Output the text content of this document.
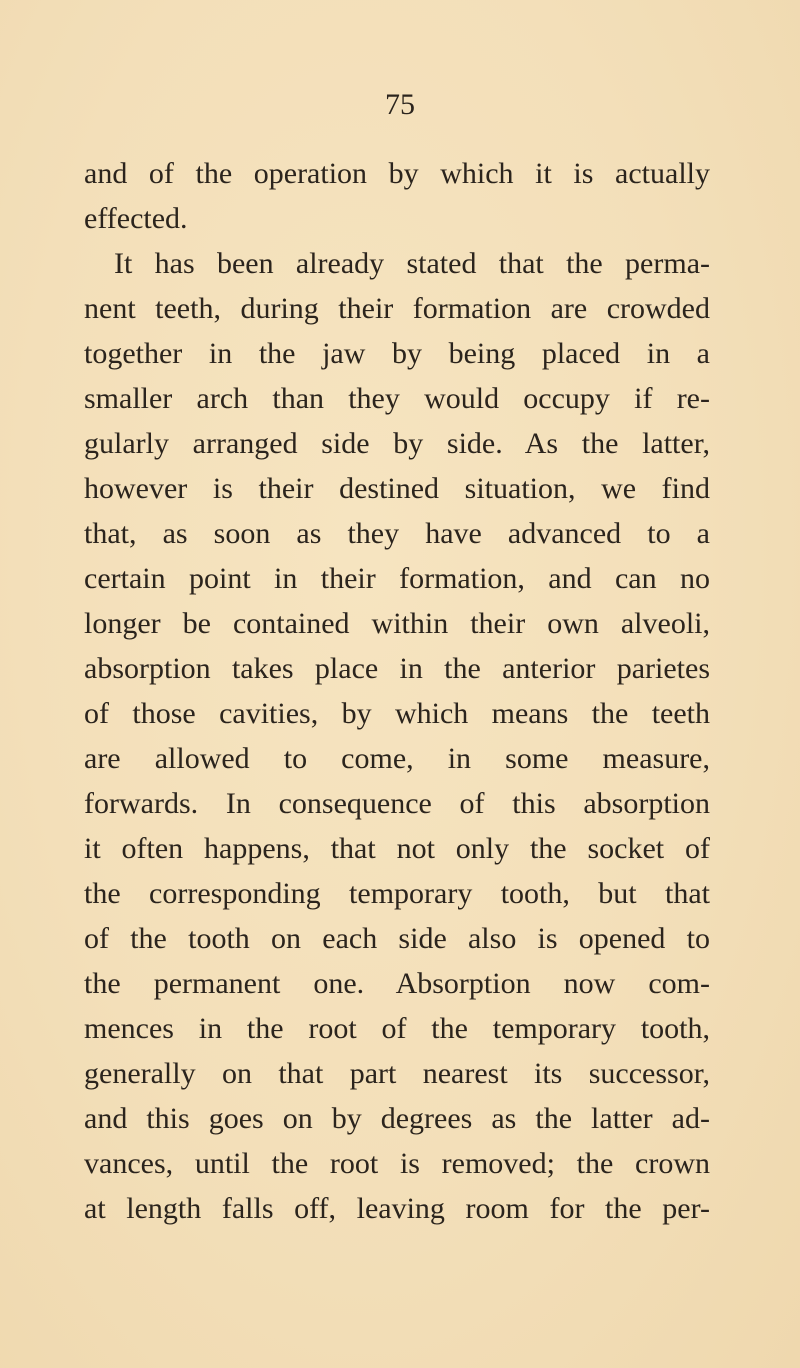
75
and of the operation by which it is actually
effected.
It has been already stated that the perma-
nent teeth, during their formation are crowded
together in the jaw by being placed in a
smaller arch than they would occupy if re-
gularly arranged side by side. As the latter,
however is their destined situation, we find
that, as soon as they have advanced to a
certain point in their formation, and can no
longer be contained within their own alveoli,
absorption takes place in the anterior parietes
of those cavities, by which means the teeth
are allowed to come, in some measure,
forwards. In consequence of this absorption
it often happens, that not only the socket of
the corresponding temporary tooth, but that
of the tooth on each side also is opened to
the permanent one. Absorption now com-
mences in the root of the temporary tooth,
generally on that part nearest its successor,
and this goes on by degrees as the latter ad-
vances, until the root is removed; the crown
at length falls off, leaving room for the per-
